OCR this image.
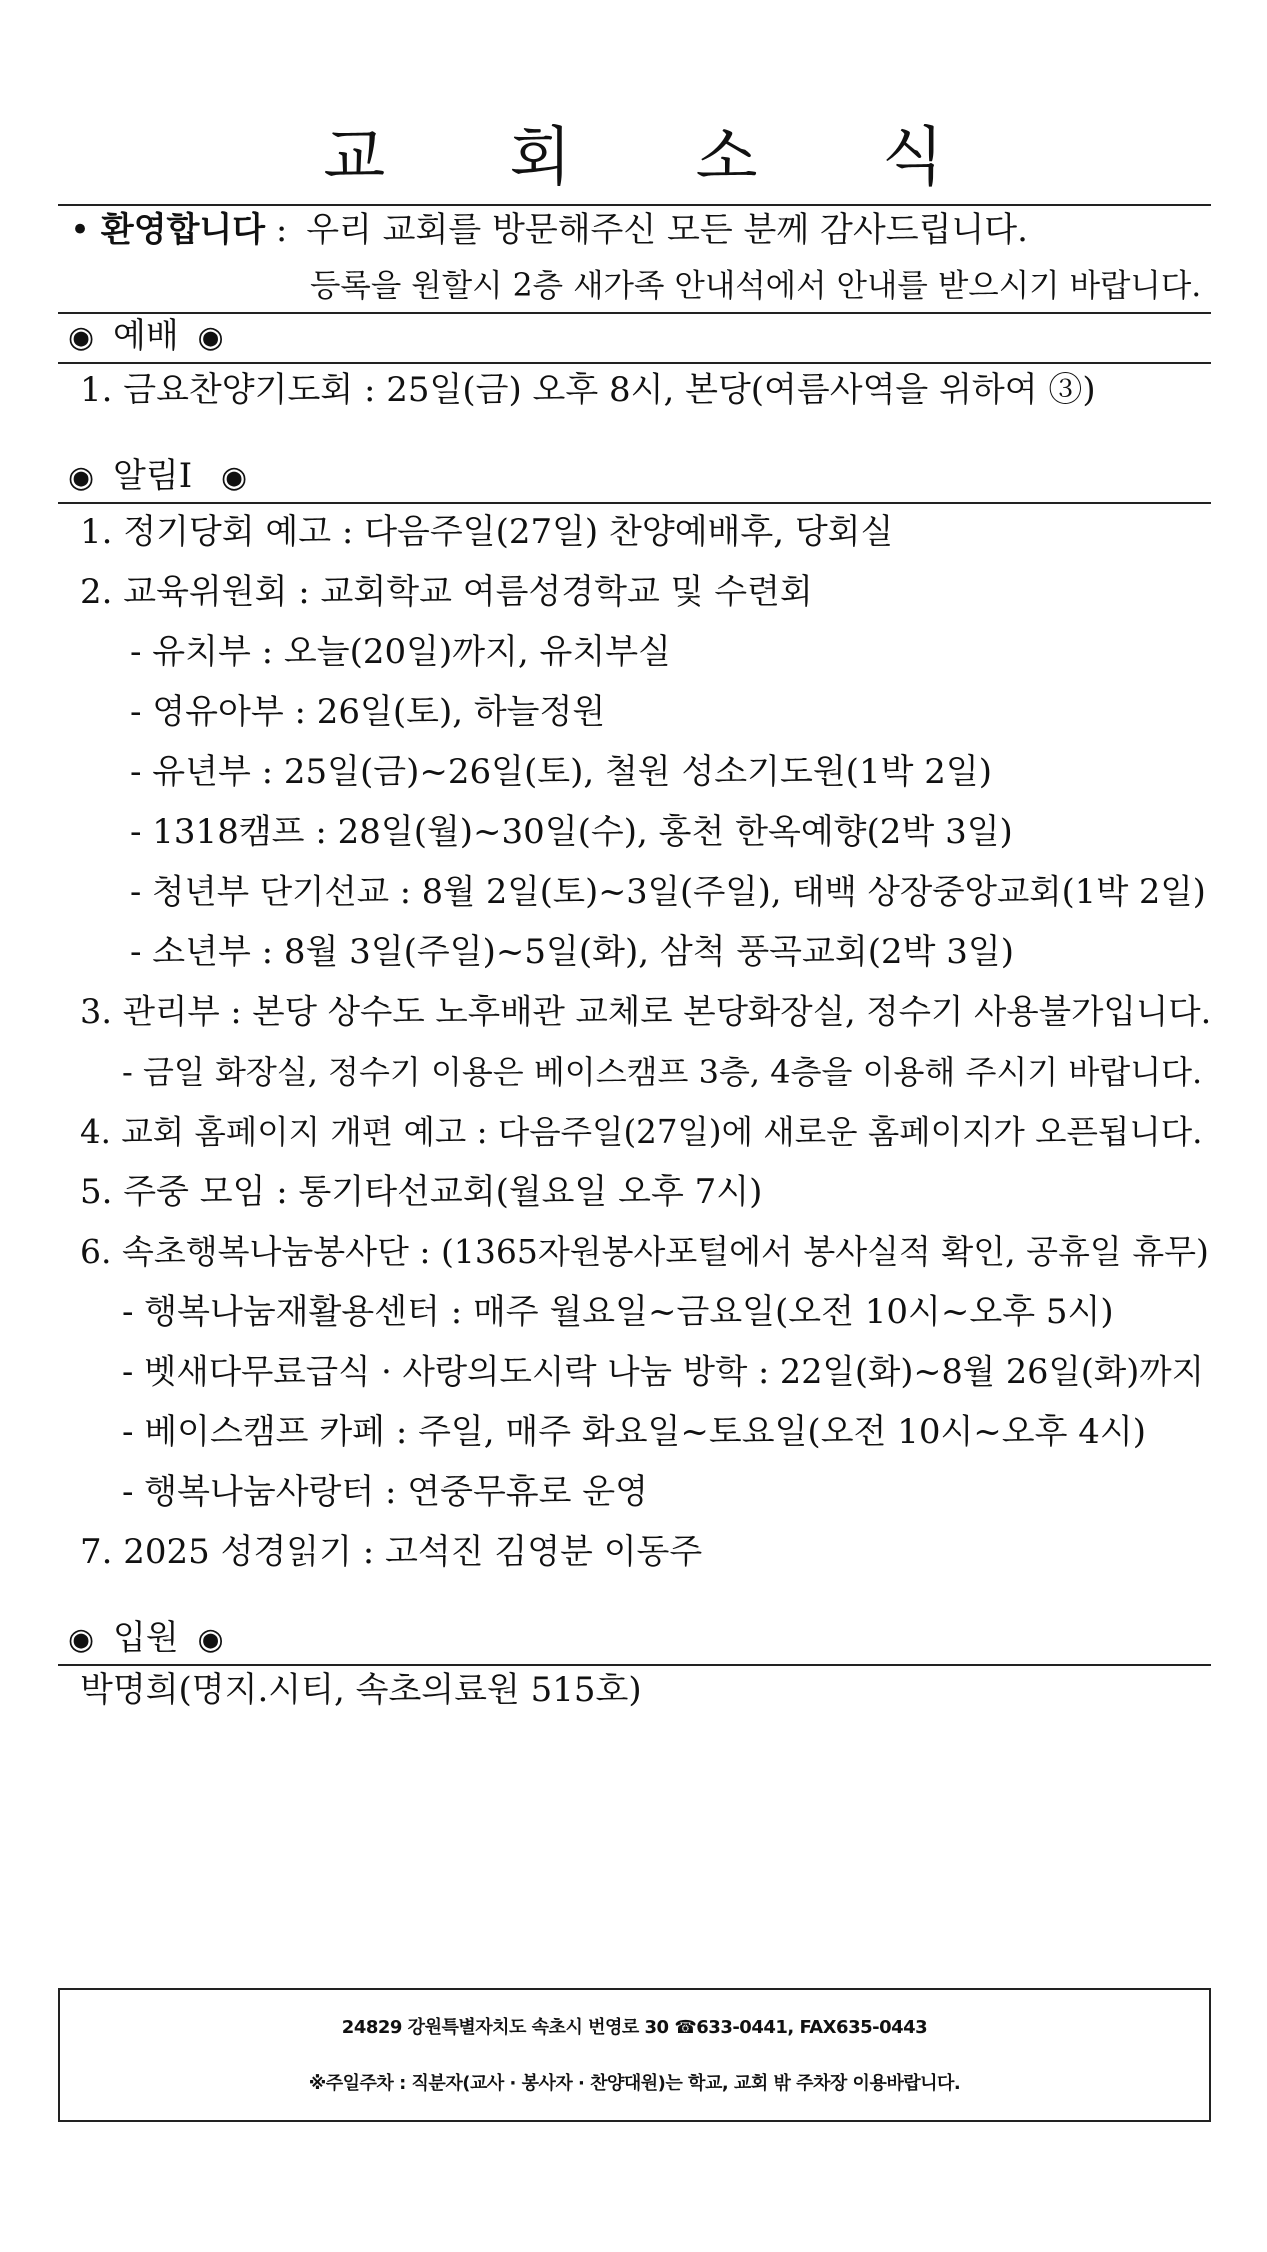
교 회 소 식
• 환영합니다 : 우리 교회를 방문해주신 모든 분께 감사드립니다.
등록을 원할시 2층 새가족 안내석에서 안내를 받으시기 바랍니다.
◉ 예배 ◉
1. 금요찬양기도회 : 25일(금) 오후 8시, 본당(여름사역을 위하여 ③)
◉ 알림Ⅰ ◉
1. 정기당회 예고 : 다음주일(27일) 찬양예배후, 당회실
2. 교육위원회 : 교회학교 여름성경학교 및 수련회
- 유치부 : 오늘(20일)까지, 유치부실
- 영유아부 : 26일(토), 하늘정원
- 유년부 : 25일(금)~26일(토), 철원 성소기도원(1박 2일)
- 1318캠프 : 28일(월)~30일(수), 홍천 한옥예향(2박 3일)
- 청년부 단기선교 : 8월 2일(토)~3일(주일), 태백 상장중앙교회(1박 2일)
- 소년부 : 8월 3일(주일)~5일(화), 삼척 풍곡교회(2박 3일)
3. 관리부 : 본당 상수도 노후배관 교체로 본당화장실, 정수기 사용불가입니다.
- 금일 화장실, 정수기 이용은 베이스캠프 3층, 4층을 이용해 주시기 바랍니다.
4. 교회 홈페이지 개편 예고 : 다음주일(27일)에 새로운 홈페이지가 오픈됩니다.
5. 주중 모임 : 통기타선교회(월요일 오후 7시)
6. 속초행복나눔봉사단 : (1365자원봉사포털에서 봉사실적 확인, 공휴일 휴무)
- 행복나눔재활용센터 : 매주 월요일~금요일(오전 10시~오후 5시)
- 벳새다무료급식 · 사랑의도시락 나눔 방학 : 22일(화)~8월 26일(화)까지
- 베이스캠프 카페 : 주일, 매주 화요일~토요일(오전 10시~오후 4시)
- 행복나눔사랑터 : 연중무휴로 운영
7. 2025 성경읽기 : 고석진 김영분 이동주
◉ 입원 ◉
박명희(명지.시티, 속초의료원 515호)
24829 강원특별자치도 속초시 번영로 30 ☎633-0441, FAX635-0443
※주일주차 : 직분자(교사 · 봉사자 · 찬양대원)는 학교, 교회 밖 주차장 이용바랍니다.
